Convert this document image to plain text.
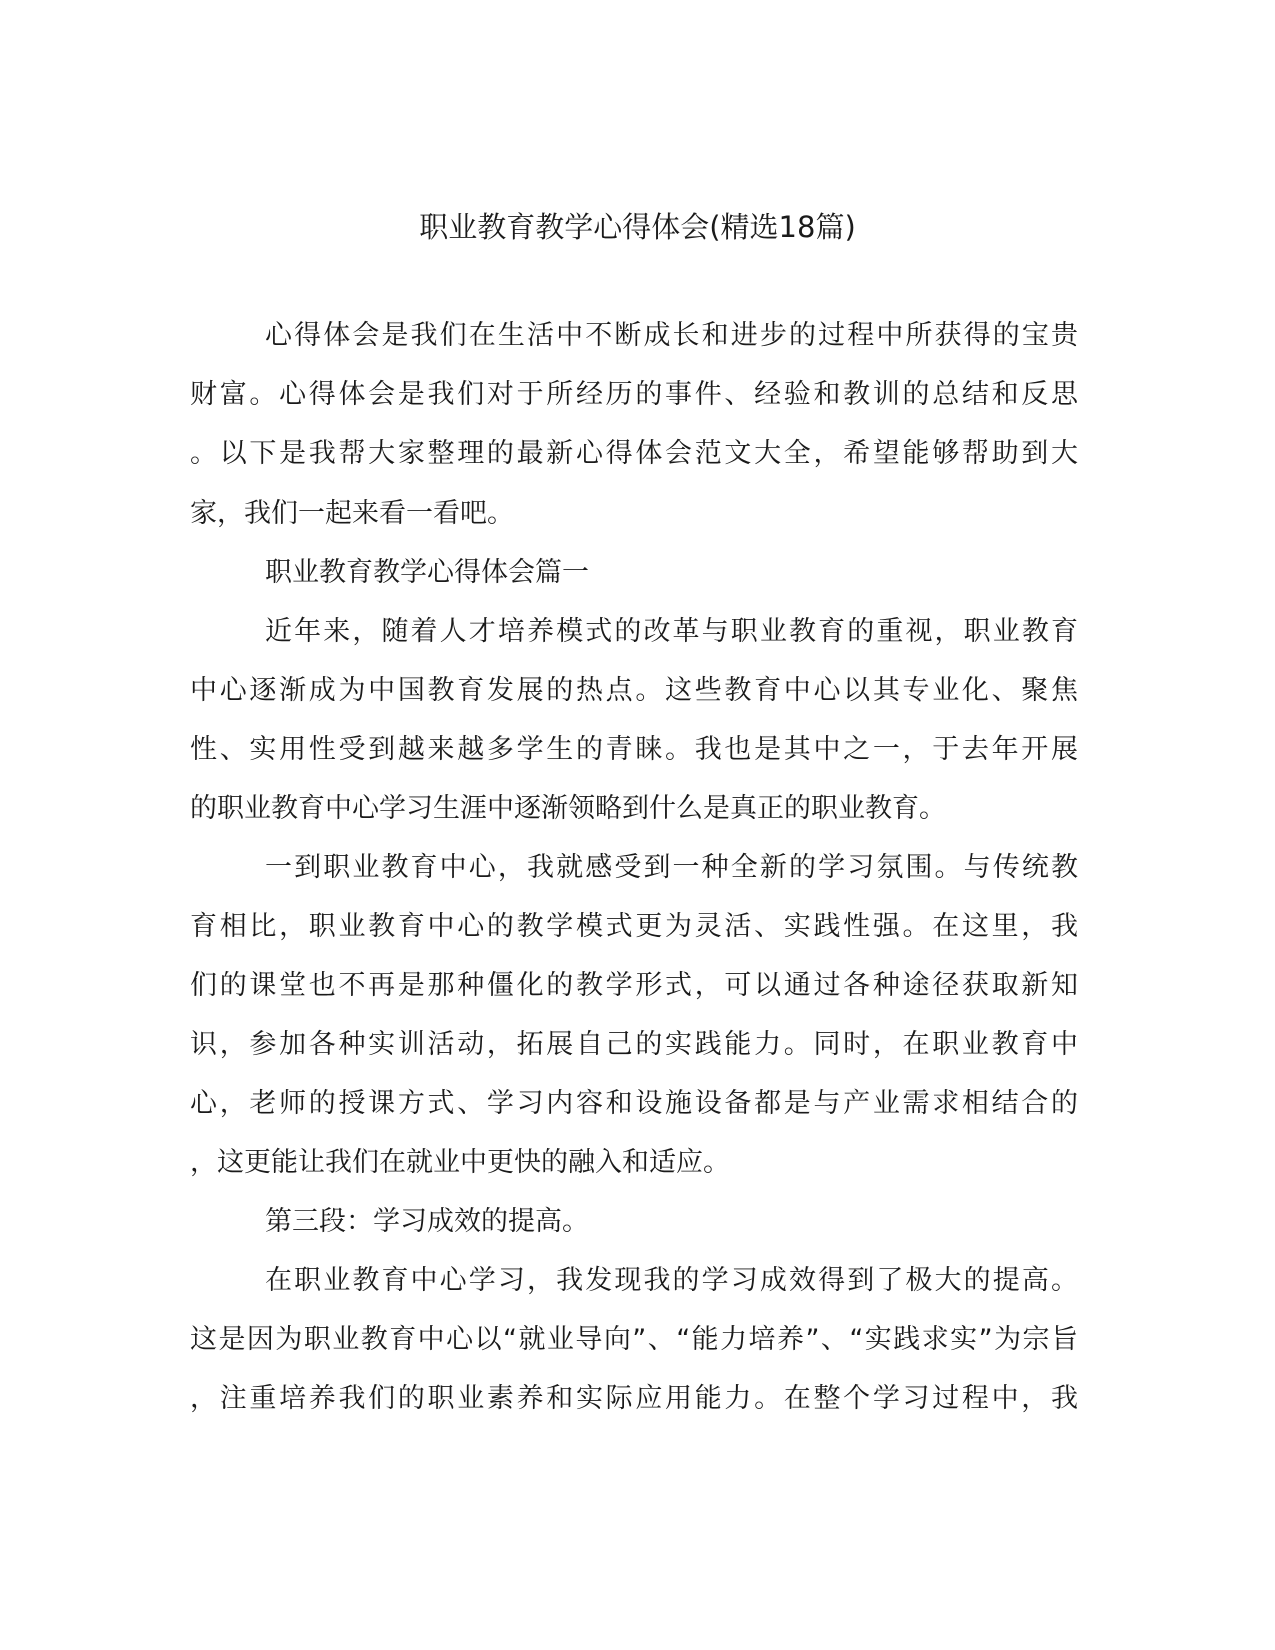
职业教育教学心得体会(精选18篇)
心得体会是我们在生活中不断成长和进步的过程中所获得的宝贵
财富。心得体会是我们对于所经历的事件、经验和教训的总结和反思
。以下是我帮大家整理的最新心得体会范文大全，希望能够帮助到大
家，我们一起来看一看吧。
职业教育教学心得体会篇一
近年来，随着人才培养模式的改革与职业教育的重视，职业教育
中心逐渐成为中国教育发展的热点。这些教育中心以其专业化、聚焦
性、实用性受到越来越多学生的青睐。我也是其中之一，于去年开展
的职业教育中心学习生涯中逐渐领略到什么是真正的职业教育。
一到职业教育中心，我就感受到一种全新的学习氛围。与传统教
育相比，职业教育中心的教学模式更为灵活、实践性强。在这里，我
们的课堂也不再是那种僵化的教学形式，可以通过各种途径获取新知
识，参加各种实训活动，拓展自己的实践能力。同时，在职业教育中
心，老师的授课方式、学习内容和设施设备都是与产业需求相结合的
，这更能让我们在就业中更快的融入和适应。
第三段：学习成效的提高。
在职业教育中心学习，我发现我的学习成效得到了极大的提高。
这是因为职业教育中心以“就业导向”、“能力培养”、“实践求实”为宗旨
，注重培养我们的职业素养和实际应用能力。在整个学习过程中，我
